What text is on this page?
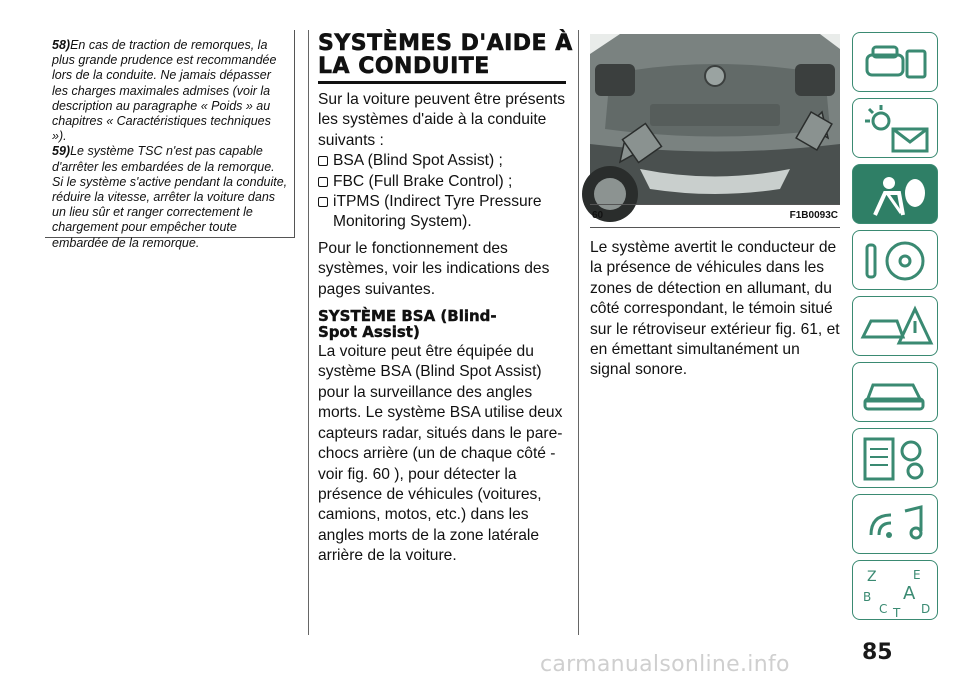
58)En cas de traction de remorques, la plus grande prudence est recommandée lors de la conduite. Ne jamais dépasser les charges maximales admises (voir la description au paragraphe « Poids » au chapitres « Caractéristiques techniques »).

59)Le système TSC n'est pas capable d'arrêter les embardées de la remorque. Si le système s'active pendant la conduite, réduire la vitesse, arrêter la voiture dans un lieu sûr et ranger correctement le chargement pour empêcher toute embardée de la remorque.

SYSTÈMES D'AIDE À
LA CONDUITE

Sur la voiture peuvent être présents les systèmes d'aide à la conduite suivants :

BSA (Blind Spot Assist) ;
FBC (Full Brake Control) ;
iTPMS (Indirect Tyre Pressure Monitoring System).

Pour le fonctionnement des systèmes, voir les indications des pages suivantes.

SYSTÈME BSA (Blind-
Spot Assist)

La voiture peut être équipée du système BSA (Blind Spot Assist) pour la surveillance des angles morts. Le système BSA utilise deux capteurs radar, situés dans le pare-chocs arrière (un de chaque côté - voir fig. 60 ), pour détecter la présence de véhicules (voitures, camions, motos, etc.) dans les angles morts de la zone latérale arrière de la voiture.

60	F1B0093C

Le système avertit le conducteur de la présence de véhicules dans les zones de détection en allumant, du côté correspondant, le témoin situé sur le rétroviseur extérieur fig. 61, et en émettant simultanément un signal sonore.

Z	E
B A
C T D
85
carmanualsonline.info
